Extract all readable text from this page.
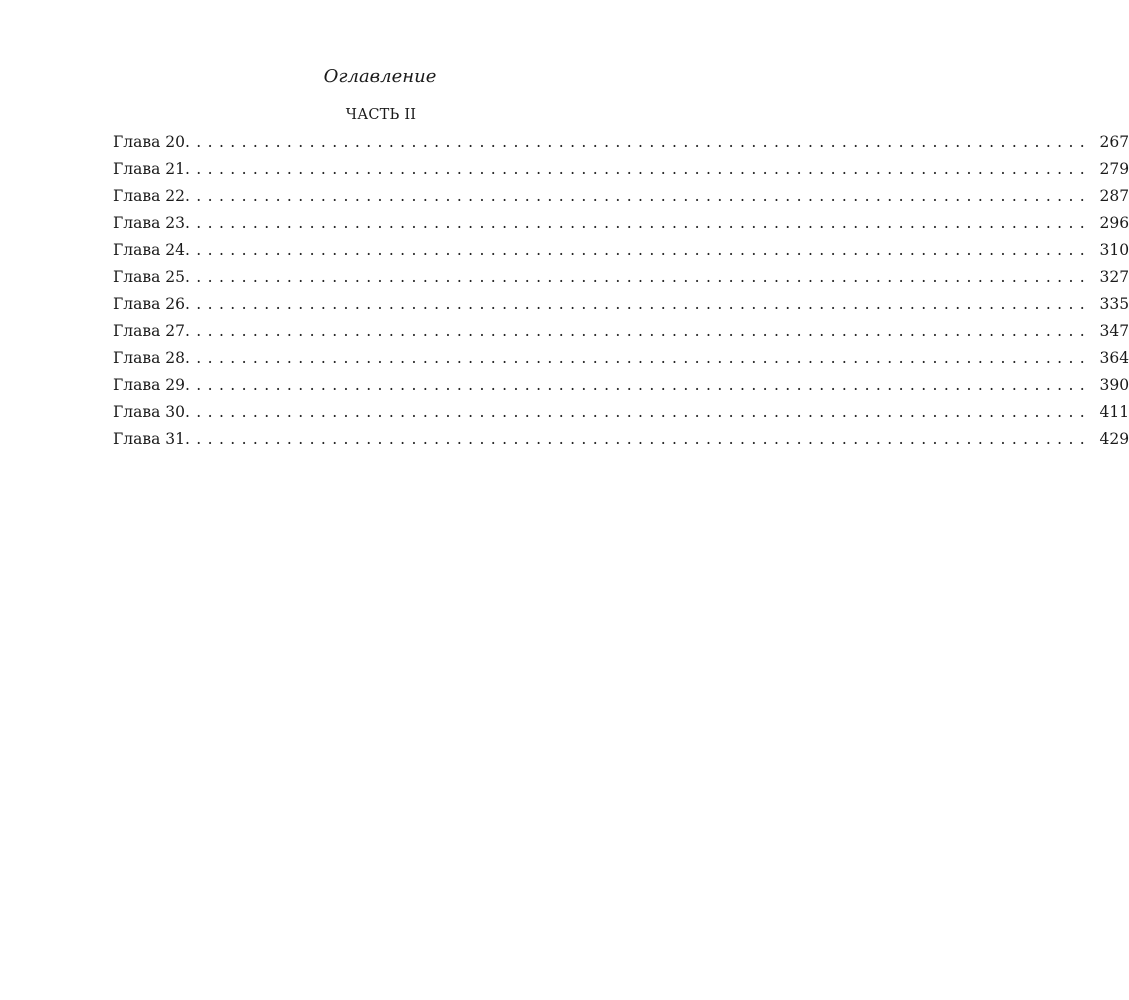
Оглавление
ЧАСТЬ II
Глава 20 ................................................................................ 267
Глава 21 ................................................................................ 279
Глава 22 ................................................................................ 287
Глава 23 ................................................................................ 296
Глава 24 ................................................................................ 310
Глава 25 ................................................................................ 327
Глава 26 ................................................................................ 335
Глава 27 ................................................................................ 347
Глава 28 ................................................................................ 364
Глава 29 ................................................................................ 390
Глава 30 ................................................................................ 411
Глава 31 ................................................................................ 429
